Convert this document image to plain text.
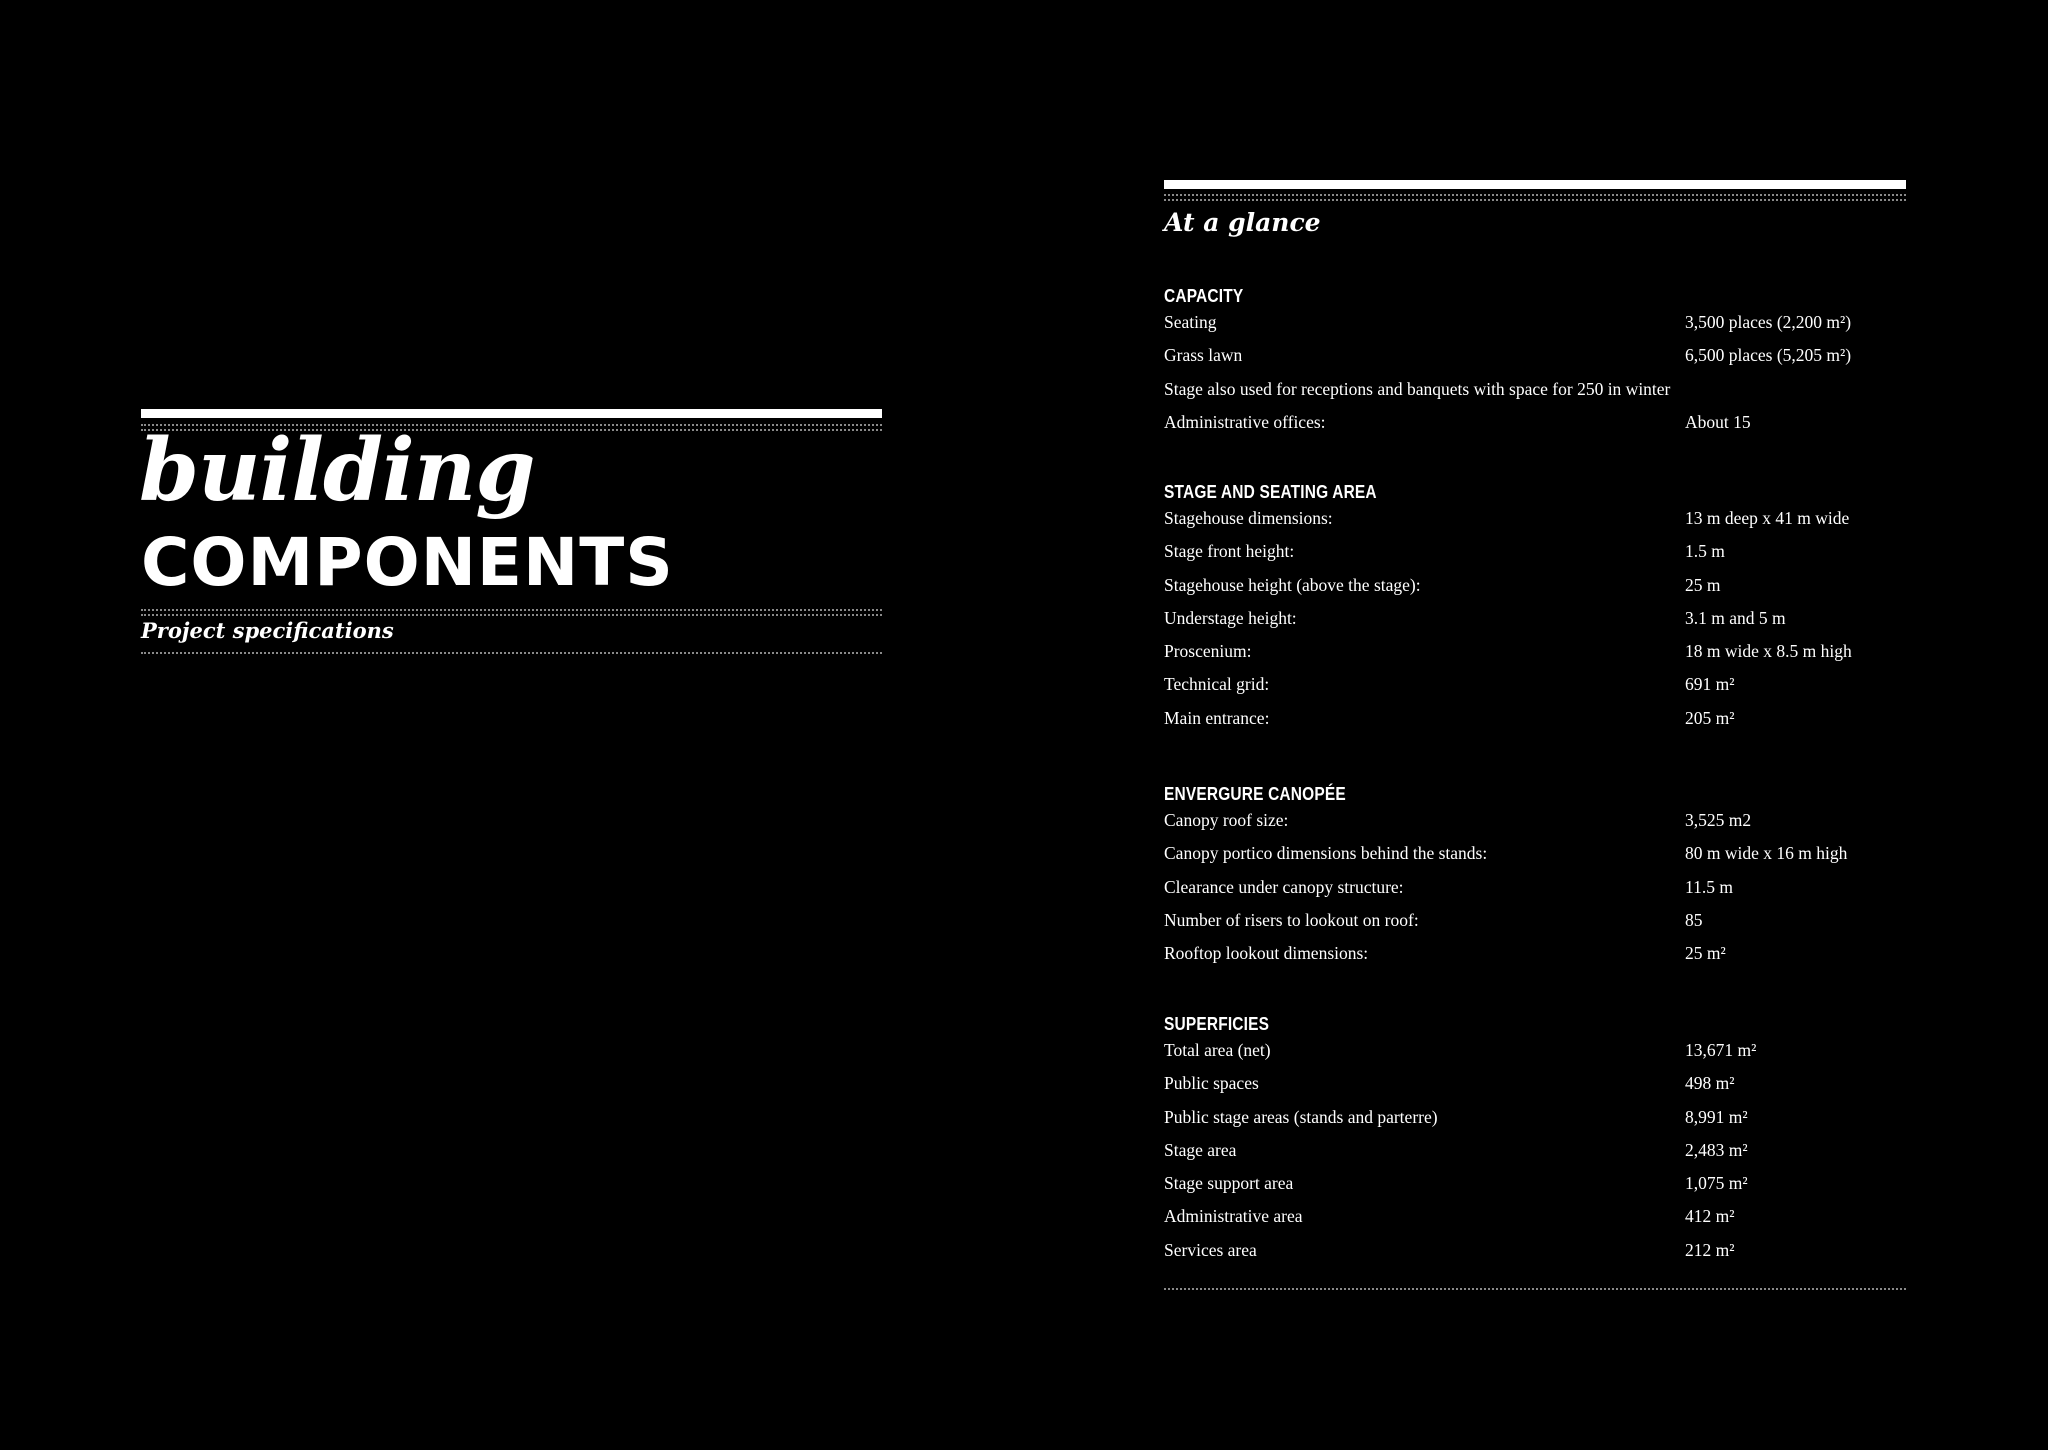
building
COMPONENTS
Project specifications
At a glance
CAPACITY
Seating	3,500 places (2,200 m²)
Grass lawn	6,500 places (5,205 m²)
Stage also used for receptions and banquets with space for 250 in winter
Administrative offices:	About 15
STAGE AND SEATING AREA
Stagehouse dimensions:	13 m deep x 41 m wide
Stage front height:	1.5 m
Stagehouse height (above the stage):	25 m
Understage height:	3.1 m and 5 m
Proscenium:	18 m wide x 8.5 m high
Technical grid:	691 m²
Main entrance:	205 m²
ENVERGURE CANOPÉE
Canopy roof size:	3,525 m2
Canopy portico dimensions behind the stands:	80 m wide x 16 m high
Clearance under canopy structure:	11.5 m
Number of risers to lookout on roof:	85
Rooftop lookout dimensions:	25 m²
SUPERFICIES
Total area (net)	13,671 m²
Public spaces	498 m²
Public stage areas (stands and parterre)	8,991 m²
Stage area	2,483 m²
Stage support area	1,075 m²
Administrative area	412 m²
Services area	212 m²
